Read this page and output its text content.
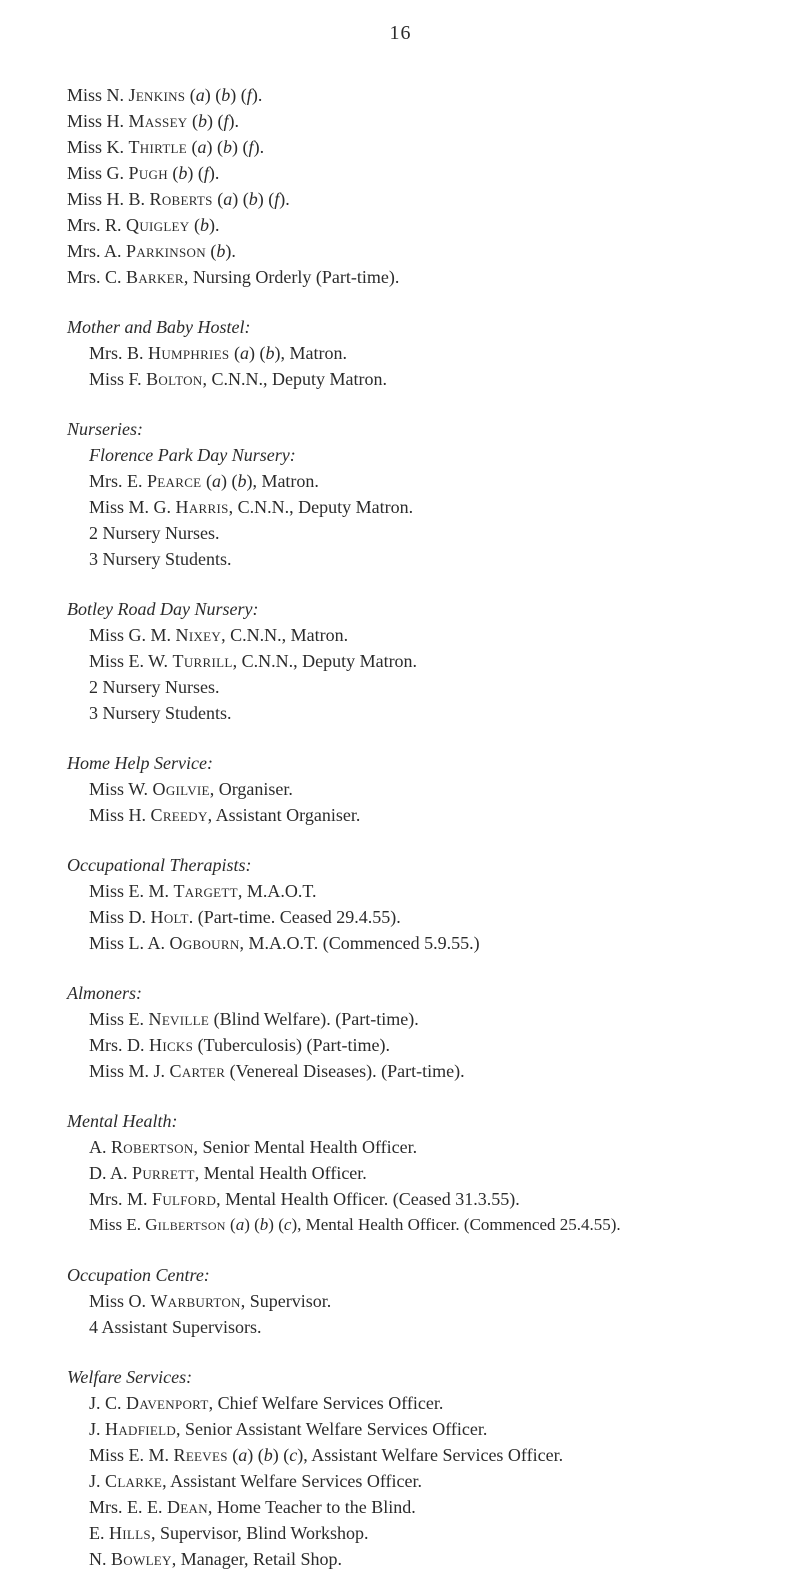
16
Miss N. Jenkins (a) (b) (f).
Miss H. Massey (b) (f).
Miss K. Thirtle (a) (b) (f).
Miss G. Pugh (b) (f).
Miss H. B. Roberts (a) (b) (f).
Mrs. R. Quigley (b).
Mrs. A. Parkinson (b).
Mrs. C. Barker, Nursing Orderly (Part-time).
Mother and Baby Hostel:
Mrs. B. Humphries (a) (b), Matron.
Miss F. Bolton, C.N.N., Deputy Matron.
Nurseries:
Florence Park Day Nursery:
Mrs. E. Pearce (a) (b), Matron.
Miss M. G. Harris, C.N.N., Deputy Matron.
2 Nursery Nurses.
3 Nursery Students.
Botley Road Day Nursery:
Miss G. M. Nixey, C.N.N., Matron.
Miss E. W. Turrill, C.N.N., Deputy Matron.
2 Nursery Nurses.
3 Nursery Students.
Home Help Service:
Miss W. Ogilvie, Organiser.
Miss H. Creedy, Assistant Organiser.
Occupational Therapists:
Miss E. M. Targett, M.A.O.T.
Miss D. Holt. (Part-time. Ceased 29.4.55).
Miss L. A. Ogbourn, M.A.O.T. (Commenced 5.9.55.)
Almoners:
Miss E. Neville (Blind Welfare). (Part-time).
Mrs. D. Hicks (Tuberculosis) (Part-time).
Miss M. J. Carter (Venereal Diseases). (Part-time).
Mental Health:
A. Robertson, Senior Mental Health Officer.
D. A. Purrett, Mental Health Officer.
Mrs. M. Fulford, Mental Health Officer. (Ceased 31.3.55).
Miss E. Gilbertson (a) (b) (c), Mental Health Officer. (Commenced 25.4.55).
Occupation Centre:
Miss O. Warburton, Supervisor.
4 Assistant Supervisors.
Welfare Services:
J. C. Davenport, Chief Welfare Services Officer.
J. Hadfield, Senior Assistant Welfare Services Officer.
Miss E. M. Reeves (a) (b) (c), Assistant Welfare Services Officer.
J. Clarke, Assistant Welfare Services Officer.
Mrs. E. E. Dean, Home Teacher to the Blind.
E. Hills, Supervisor, Blind Workshop.
N. Bowley, Manager, Retail Shop.
